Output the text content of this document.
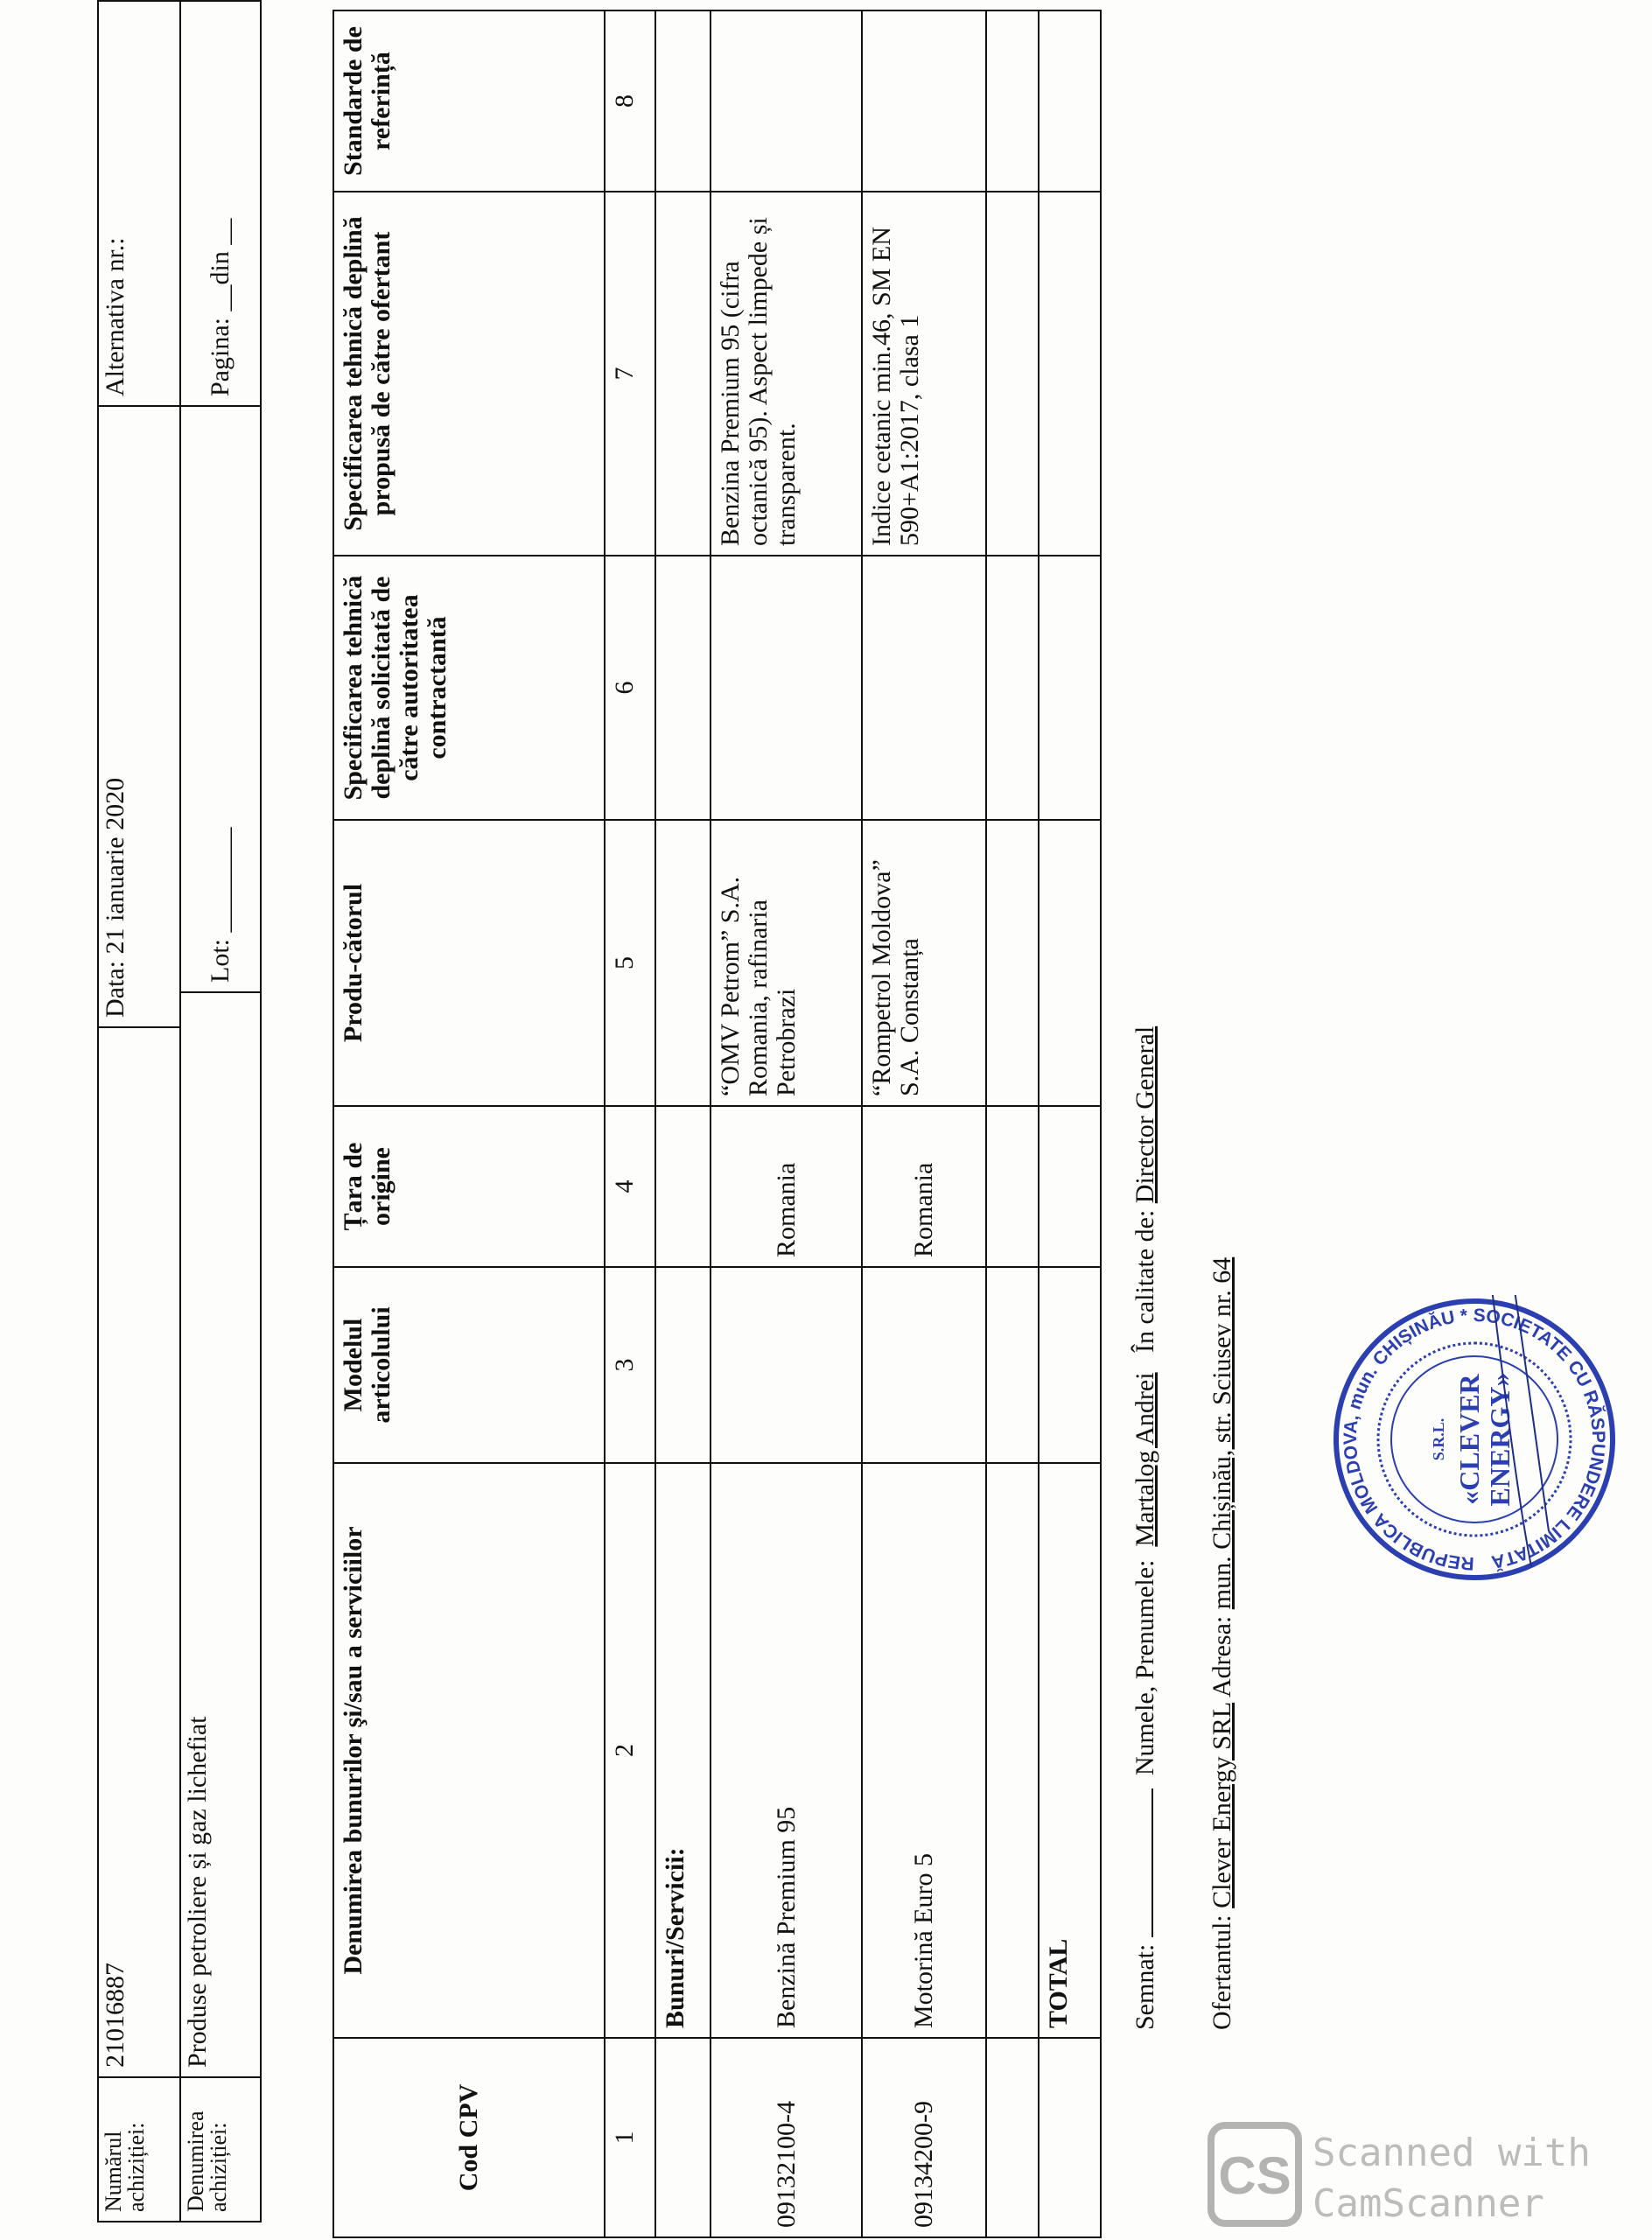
Numărul achiziției:
21016887
Data: 21 ianuarie 2020
Alternativa nr.:
Denumirea achiziției:
Produse petroliere și gaz lichefiat
Lot: ________
Pagina: __din __
Cod CPV	Denumirea bunurilor şi/sau a serviciilor	Modelul articolului	Țara de origine	Produ-cătorul	Specificarea tehnică deplină solicitată de către autoritatea contractantă	Specificarea tehnică deplină propusă de către ofertant	Standarde de referință
1	2	3	4	5	6	7	8
	Bunuri/Servicii:						
09132100-4	Benzină Premium 95		Romania	“OMV Petrom” S.A. Romania, rafinaria Petrobrazi		Benzina Premium 95 (cifra octanică 95). Aspect limpede și transparent.	
09134200-9	Motorină Euro 5		Romania	“Rompetrol Moldova” S.A. Constanța		Indice cetanic min.46, SM EN 590+A1:2017, clasa 1	

	TOTAL						Semnat:   Numele, Prenumele:  Martalog Andrei   În calitate de: Director General
Ofertantul: Clever Energy SRL Adresa: mun. Chișinău, str. Sciusev nr. 64	REPUBLICA MOLDOVA, mun. CHIȘINĂU * SOCIETATE CU RĂSPUNDERE LIMITATĂ
S.R.L. «CLEVER ENERGY»
CS Scanned with
CamScanner
